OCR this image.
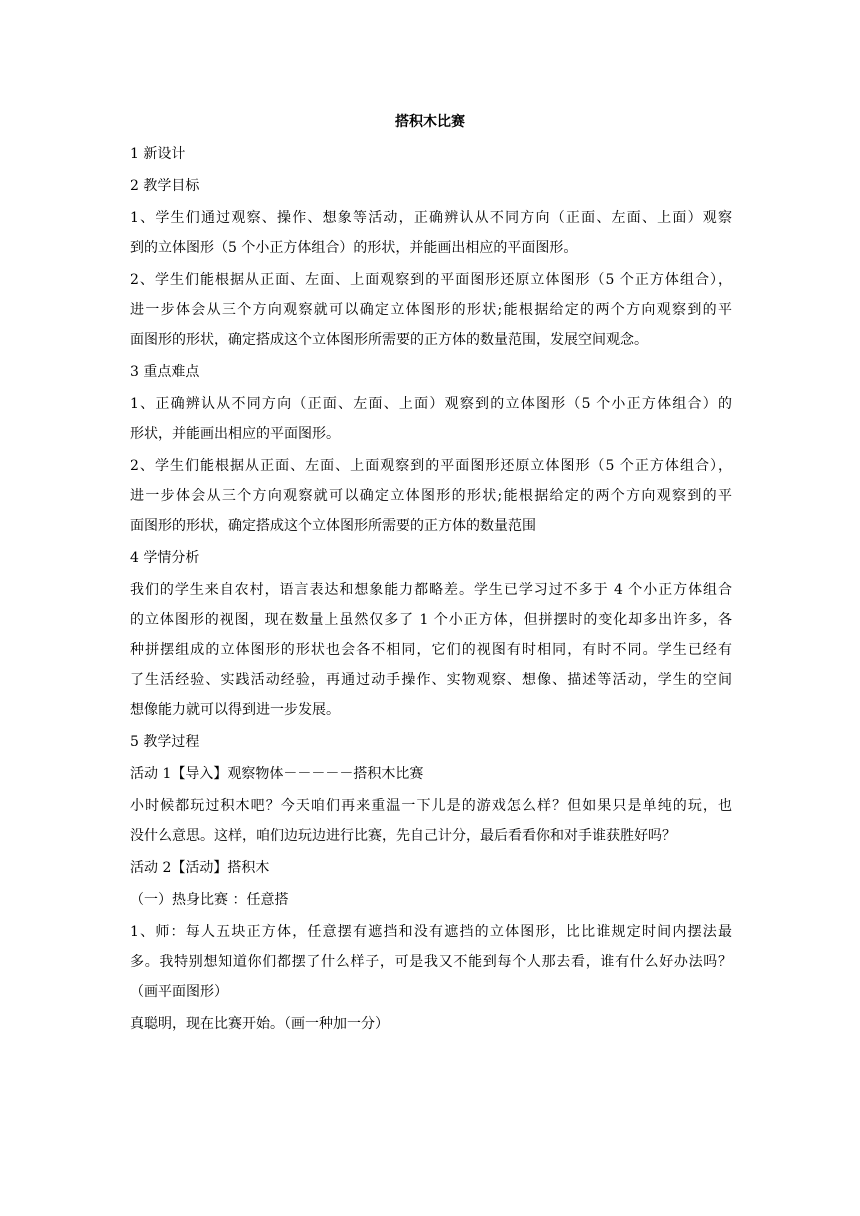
搭积木比赛
1 新设计
2 教学目标
1、学生们通过观察、操作、想象等活动，正确辨认从不同方向（正面、左面、上面）观察
到的立体图形（5 个小正方体组合）的形状，并能画出相应的平面图形。
2、学生们能根据从正面、左面、上面观察到的平面图形还原立体图形（5 个正方体组合），
进一步体会从三个方向观察就可以确定立体图形的形状;能根据给定的两个方向观察到的平
面图形的形状，确定搭成这个立体图形所需要的正方体的数量范围，发展空间观念。
3 重点难点
1、正确辨认从不同方向（正面、左面、上面）观察到的立体图形（5 个小正方体组合）的
形状，并能画出相应的平面图形。
2、学生们能根据从正面、左面、上面观察到的平面图形还原立体图形（5 个正方体组合），
进一步体会从三个方向观察就可以确定立体图形的形状;能根据给定的两个方向观察到的平
面图形的形状，确定搭成这个立体图形所需要的正方体的数量范围
4 学情分析
我们的学生来自农村，语言表达和想象能力都略差。学生已学习过不多于 4 个小正方体组合
的立体图形的视图，现在数量上虽然仅多了 1 个小正方体，但拼摆时的变化却多出许多，各
种拼摆组成的立体图形的形状也会各不相同，它们的视图有时相同，有时不同。学生已经有
了生活经验、实践活动经验，再通过动手操作、实物观察、想像、描述等活动，学生的空间
想像能力就可以得到进一步发展。
5 教学过程
活动 1【导入】观察物体－－－－－搭积木比赛
小时候都玩过积木吧？今天咱们再来重温一下儿是的游戏怎么样？但如果只是单纯的玩，也
没什么意思。这样，咱们边玩边进行比赛，先自己计分，最后看看你和对手谁获胜好吗？
活动 2【活动】搭积木
（一）热身比赛 ：任意搭
1、师：每人五块正方体，任意摆有遮挡和没有遮挡的立体图形，比比谁规定时间内摆法最
多。我特别想知道你们都摆了什么样子，可是我又不能到每个人那去看，谁有什么好办法吗？
（画平面图形）
真聪明，现在比赛开始。（画一种加一分）
